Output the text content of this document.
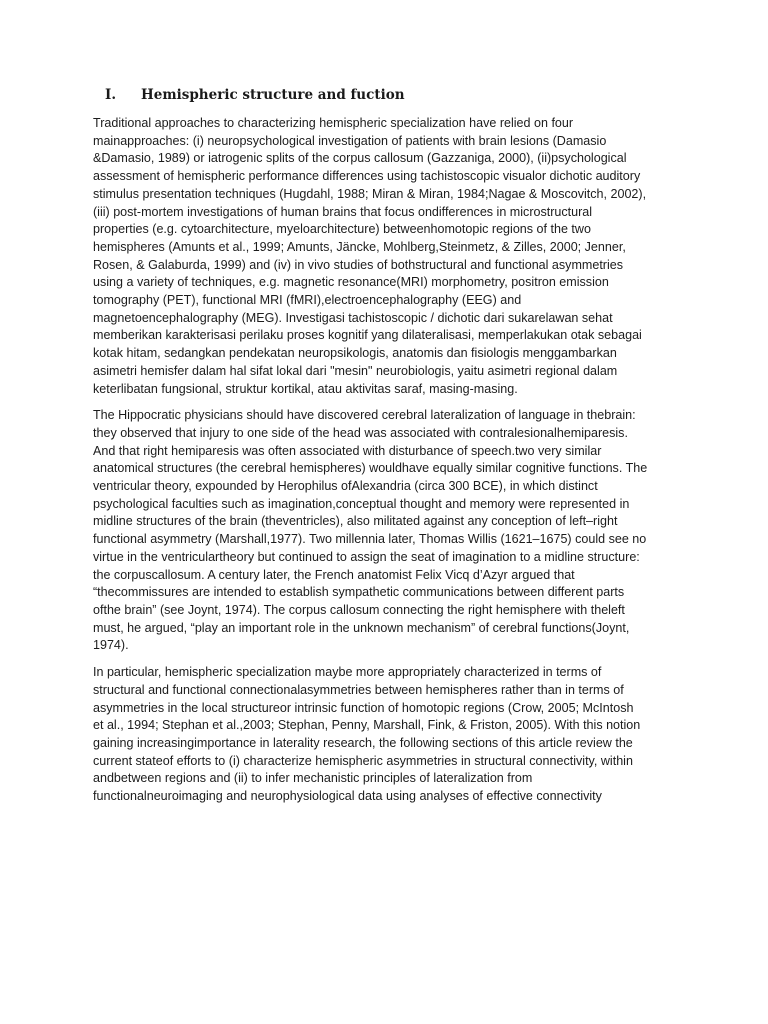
I. Hemispheric structure and fuction

Traditional approaches to characterizing hemispheric specialization have relied on four
mainapproaches: (i) neuropsychological investigation of patients with brain lesions (Damasio
&Damasio, 1989) or iatrogenic splits of the corpus callosum (Gazzaniga, 2000), (ii)psychological
assessment of hemispheric performance differences using tachistoscopic visualor dichotic auditory
stimulus presentation techniques (Hugdahl, 1988; Miran & Miran, 1984;Nagae & Moscovitch, 2002),
(iii) post-mortem investigations of human brains that focus ondifferences in microstructural
properties (e.g. cytoarchitecture, myeloarchitecture) betweenhomotopic regions of the two
hemispheres (Amunts et al., 1999; Amunts, Jäncke, Mohlberg,Steinmetz, & Zilles, 2000; Jenner,
Rosen, & Galaburda, 1999) and (iv) in vivo studies of bothstructural and functional asymmetries
using a variety of techniques, e.g. magnetic resonance(MRI) morphometry, positron emission
tomography (PET), functional MRI (fMRI),electroencephalography (EEG) and
magnetoencephalography (MEG). Investigasi tachistoscopic / dichotic dari sukarelawan sehat
memberikan karakterisasi perilaku proses kognitif yang dilateralisasi, memperlakukan otak sebagai
kotak hitam, sedangkan pendekatan neuropsikologis, anatomis dan fisiologis menggambarkan
asimetri hemisfer dalam hal sifat lokal dari "mesin" neurobiologis, yaitu asimetri regional dalam
keterlibatan fungsional, struktur kortikal, atau aktivitas saraf, masing-masing.

The Hippocratic physicians should have discovered cerebral lateralization of language in thebrain:
they observed that injury to one side of the head was associated with contralesionalhemiparesis.
And that right hemiparesis was often associated with disturbance of speech.two very similar
anatomical structures (the cerebral hemispheres) wouldhave equally similar cognitive functions. The
ventricular theory, expounded by Herophilus ofAlexandria (circa 300 BCE), in which distinct
psychological faculties such as imagination,conceptual thought and memory were represented in
midline structures of the brain (theventricles), also militated against any conception of left–right
functional asymmetry (Marshall,1977). Two millennia later, Thomas Willis (1621–1675) could see no
virtue in the ventriculartheory but continued to assign the seat of imagination to a midline structure:
the corpuscallosum. A century later, the French anatomist Felix Vicq d’Azyr argued that
“thecommissures are intended to establish sympathetic communications between different parts
ofthe brain” (see Joynt, 1974). The corpus callosum connecting the right hemisphere with theleft
must, he argued, “play an important role in the unknown mechanism” of cerebral functions(Joynt,
1974).

In particular, hemispheric specialization maybe more appropriately characterized in terms of
structural and functional connectionalasymmetries between hemispheres rather than in terms of
asymmetries in the local structureor intrinsic function of homotopic regions (Crow, 2005; McIntosh
et al., 1994; Stephan et al.,2003; Stephan, Penny, Marshall, Fink, & Friston, 2005). With this notion
gaining increasingimportance in laterality research, the following sections of this article review the
current stateof efforts to (i) characterize hemispheric asymmetries in structural connectivity, within
andbetween regions and (ii) to infer mechanistic principles of lateralization from
functionalneuroimaging and neurophysiological data using analyses of effective connectivity
